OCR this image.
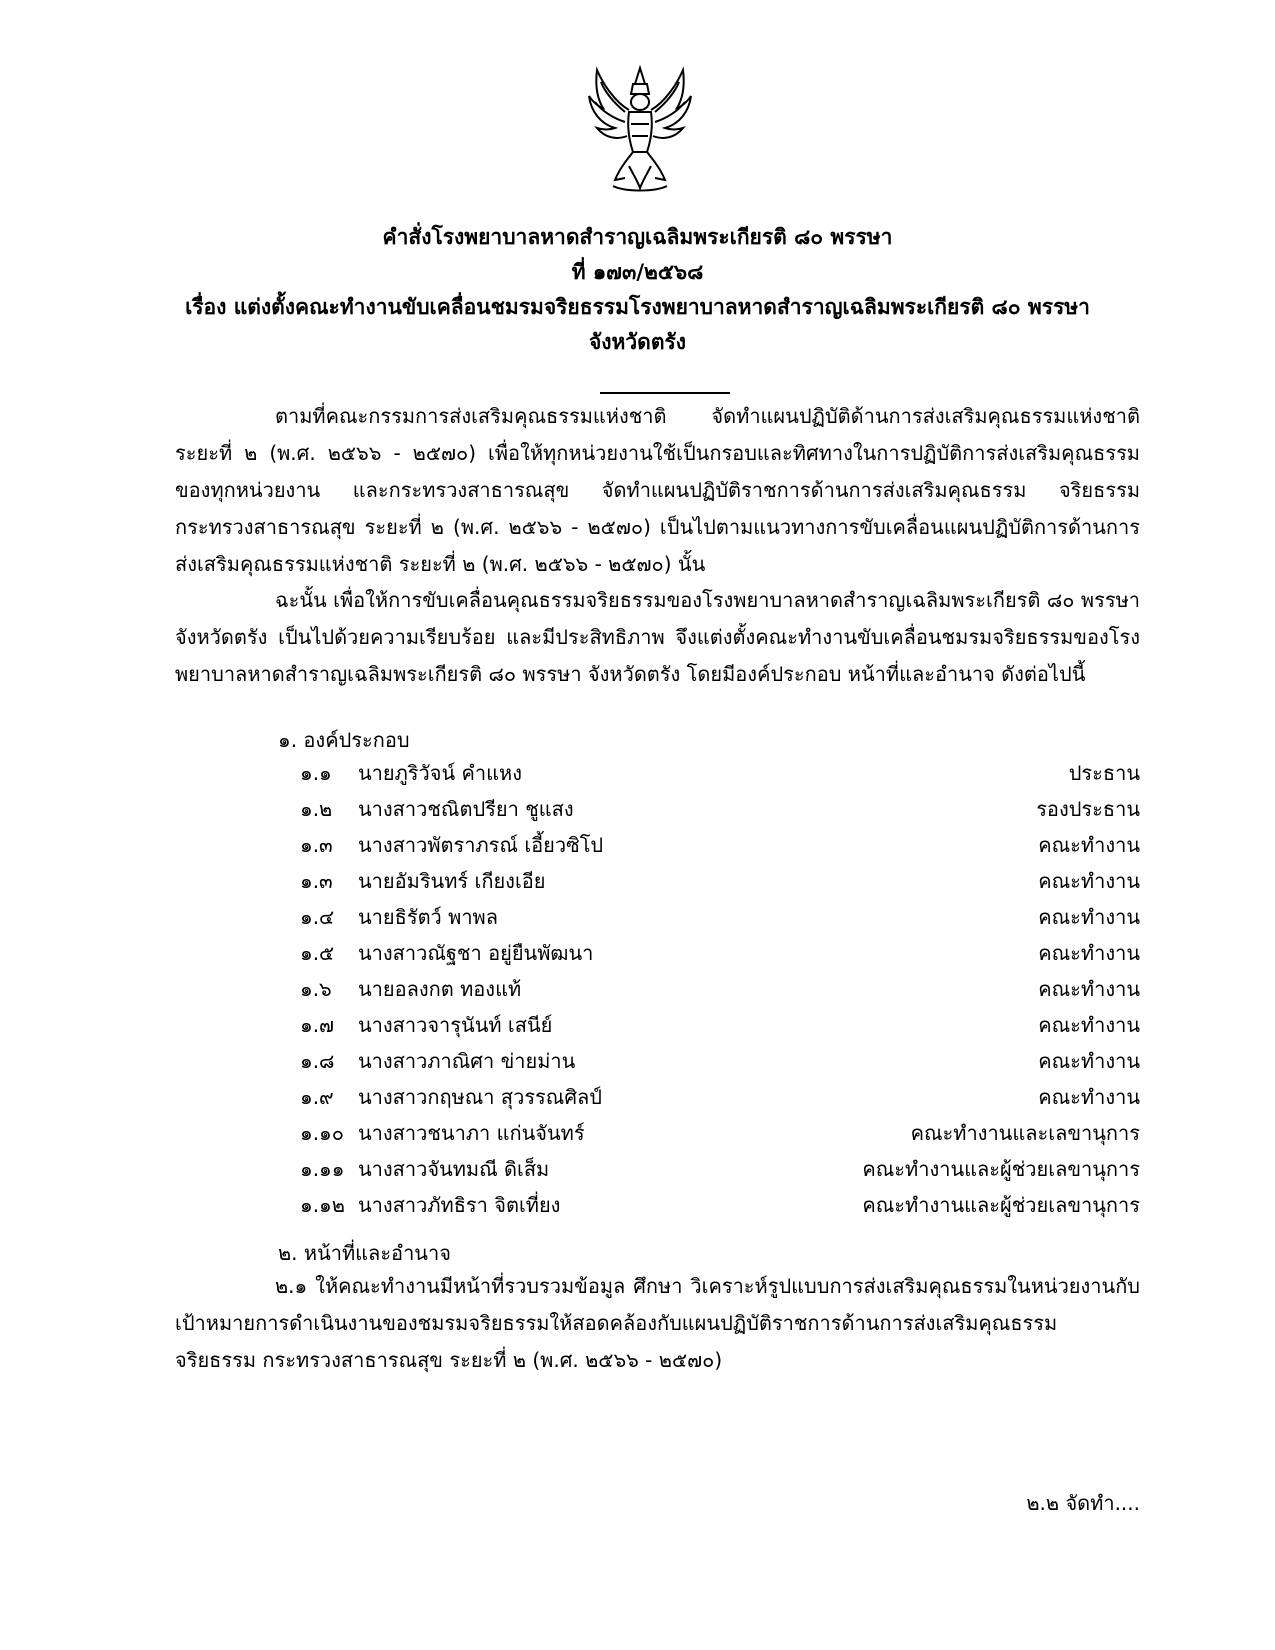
คำสั่งโรงพยาบาลหาดสำราญเฉลิมพระเกียรติ ๘๐ พรรษา
ที่ ๑๗๓/๒๕๖๘
เรื่อง แต่งตั้งคณะทำงานขับเคลื่อนชมรมจริยธรรมโรงพยาบาลหาดสำราญเฉลิมพระเกียรติ ๘๐ พรรษา
จังหวัดตรัง
ตามที่คณะกรรมการส่งเสริมคุณธรรมแห่งชาติ จัดทำแผนปฏิบัติด้านการส่งเสริมคุณธรรมแห่งชาติ ระยะที่ ๒ (พ.ศ. ๒๕๖๖ - ๒๕๗๐) เพื่อให้ทุกหน่วยงานใช้เป็นกรอบและทิศทางในการปฏิบัติการส่งเสริมคุณธรรมของทุกหน่วยงาน และกระทรวงสาธารณสุข จัดทำแผนปฏิบัติราชการด้านการส่งเสริมคุณธรรม จริยธรรม กระทรวงสาธารณสุข ระยะที่ ๒ (พ.ศ. ๒๕๖๖ - ๒๕๗๐) เป็นไปตามแนวทางการขับเคลื่อนแผนปฏิบัติการด้านการส่งเสริมคุณธรรมแห่งชาติ ระยะที่ ๒ (พ.ศ. ๒๕๖๖ - ๒๕๗๐) นั้น
ฉะนั้น เพื่อให้การขับเคลื่อนคุณธรรมจริยธรรมของโรงพยาบาลหาดสำราญเฉลิมพระเกียรติ ๘๐ พรรษา จังหวัดตรัง เป็นไปด้วยความเรียบร้อย และมีประสิทธิภาพ จึงแต่งตั้งคณะทำงานขับเคลื่อนชมรมจริยธรรมของโรงพยาบาลหาดสำราญเฉลิมพระเกียรติ ๘๐ พรรษา จังหวัดตรัง โดยมีองค์ประกอบ หน้าที่และอำนาจ ดังต่อไปนี้
๑. องค์ประกอบ
๑.๑ นายภูริวัจน์ คำแหง	ประธาน
๑.๒ นางสาวชณิตปรียา ชูแสง	รองประธาน
๑.๓ นางสาวพัตราภรณ์ เอี้ยวซิโป	คณะทำงาน
๑.๓ นายอัมรินทร์ เกียงเอีย	คณะทำงาน
๑.๔ นายธิรัตว์ พาพล	คณะทำงาน
๑.๕ นางสาวณัฐชา อยู่ยืนพัฒนา	คณะทำงาน
๑.๖ นายอลงกต ทองแท้	คณะทำงาน
๑.๗ นางสาวจารุนันท์ เสนีย์	คณะทำงาน
๑.๘ นางสาวภาณิศา ข่ายม่าน	คณะทำงาน
๑.๙ นางสาวกฤษณา สุวรรณศิลป์	คณะทำงาน
๑.๑๐ นางสาวชนาภา แก่นจันทร์	คณะทำงานและเลขานุการ
๑.๑๑ นางสาวจันทมณี ดิเส็ม	คณะทำงานและผู้ช่วยเลขานุการ
๑.๑๒ นางสาวภัทธิรา จิตเที่ยง	คณะทำงานและผู้ช่วยเลขานุการ
๒. หน้าที่และอำนาจ
๒.๑ ให้คณะทำงานมีหน้าที่รวบรวมข้อมูล ศึกษา วิเคราะห์รูปแบบการส่งเสริมคุณธรรมในหน่วยงานกับเป้าหมายการดำเนินงานของชมรมจริยธรรมให้สอดคล้องกับแผนปฏิบัติราชการด้านการส่งเสริมคุณธรรม จริยธรรม กระทรวงสาธารณสุข ระยะที่ ๒ (พ.ศ. ๒๕๖๖ - ๒๕๗๐)
๒.๒ จัดทำ....
